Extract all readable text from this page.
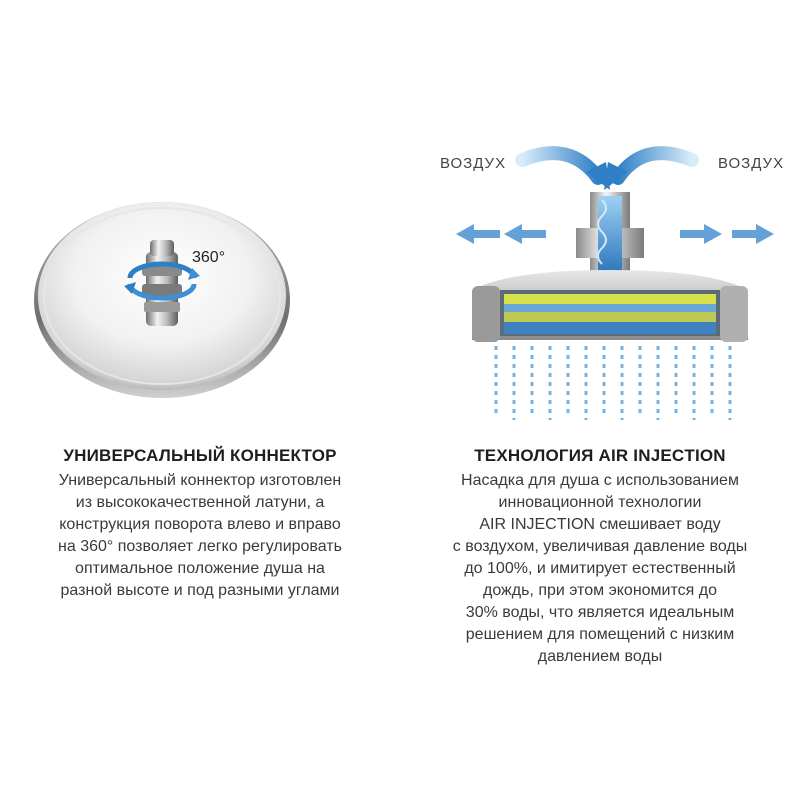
360°
УНИВЕРСАЛЬНЫЙ КОННЕКТОР
Универсальный коннектор изготовлен
из высококачественной латуни, а
конструкция поворота влево и вправо
на 360° позволяет легко регулировать
оптимальное положение душа на
разной высоте и под разными углами
ВОЗДУХ	ВОЗДУХ
ТЕХНОЛОГИЯ AIR INJECTION
Насадка для душа с использованием
инновационной технологии
AIR INJECTION смешивает воду
с воздухом, увеличивая давление воды
до 100%, и имитирует естественный
дождь, при этом экономится до
30% воды, что является идеальным
решением для помещений с низким
давлением воды
